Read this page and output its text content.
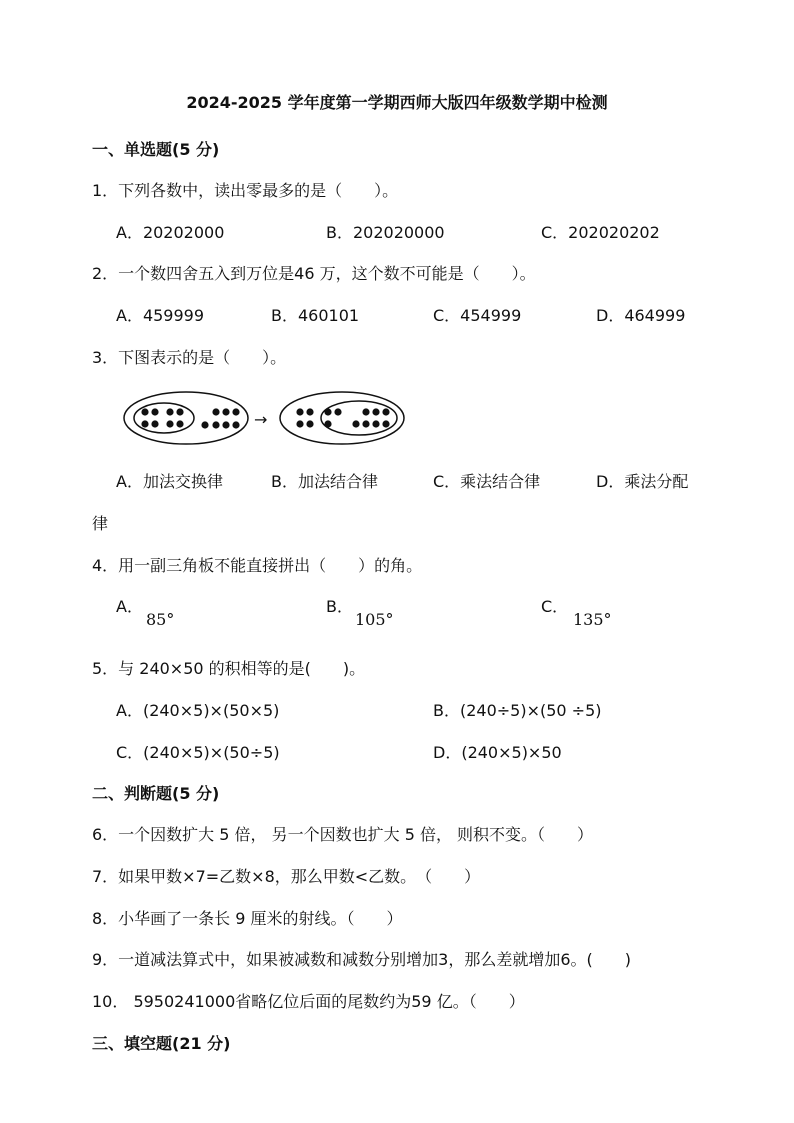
2024-2025 学年度第一学期西师大版四年级数学期中检测
一、单选题(5 分)
1．下列各数中，读出零最多的是（　　）。
A．20202000	B．202020000	C．202020202
2．一个数四舍五入到万位是46 万，这个数不可能是（　　）。
A．459999	B．460101	C．454999	D．464999
3．下图表示的是（　　）。
→
A．加法交换律	B．加法结合律	C．乘法结合律	D．乘法分配
律
4．用一副三角板不能直接拼出（　　）的角。
A．
85°
B．
105°
C．
135°
5．与 240×50 的积相等的是(　　)。
A．(240×5)×(50×5)	B．(240÷5)×(50 ÷5)
C．(240×5)×(50÷5)	D．(240×5)×50
二、判断题(5 分)
6．一个因数扩大 5 倍， 另一个因数也扩大 5 倍， 则积不变。（　　）
7．如果甲数×7=乙数×8，那么甲数<乙数。　（　　）
8．小华画了一条长 9 厘米的射线。（　　）
9．一道减法算式中，如果被减数和减数分别增加3，那么差就增加6。(　　)
10． 5950241000省略亿位后面的尾数约为59 亿。（　　）
三、填空题(21 分)
